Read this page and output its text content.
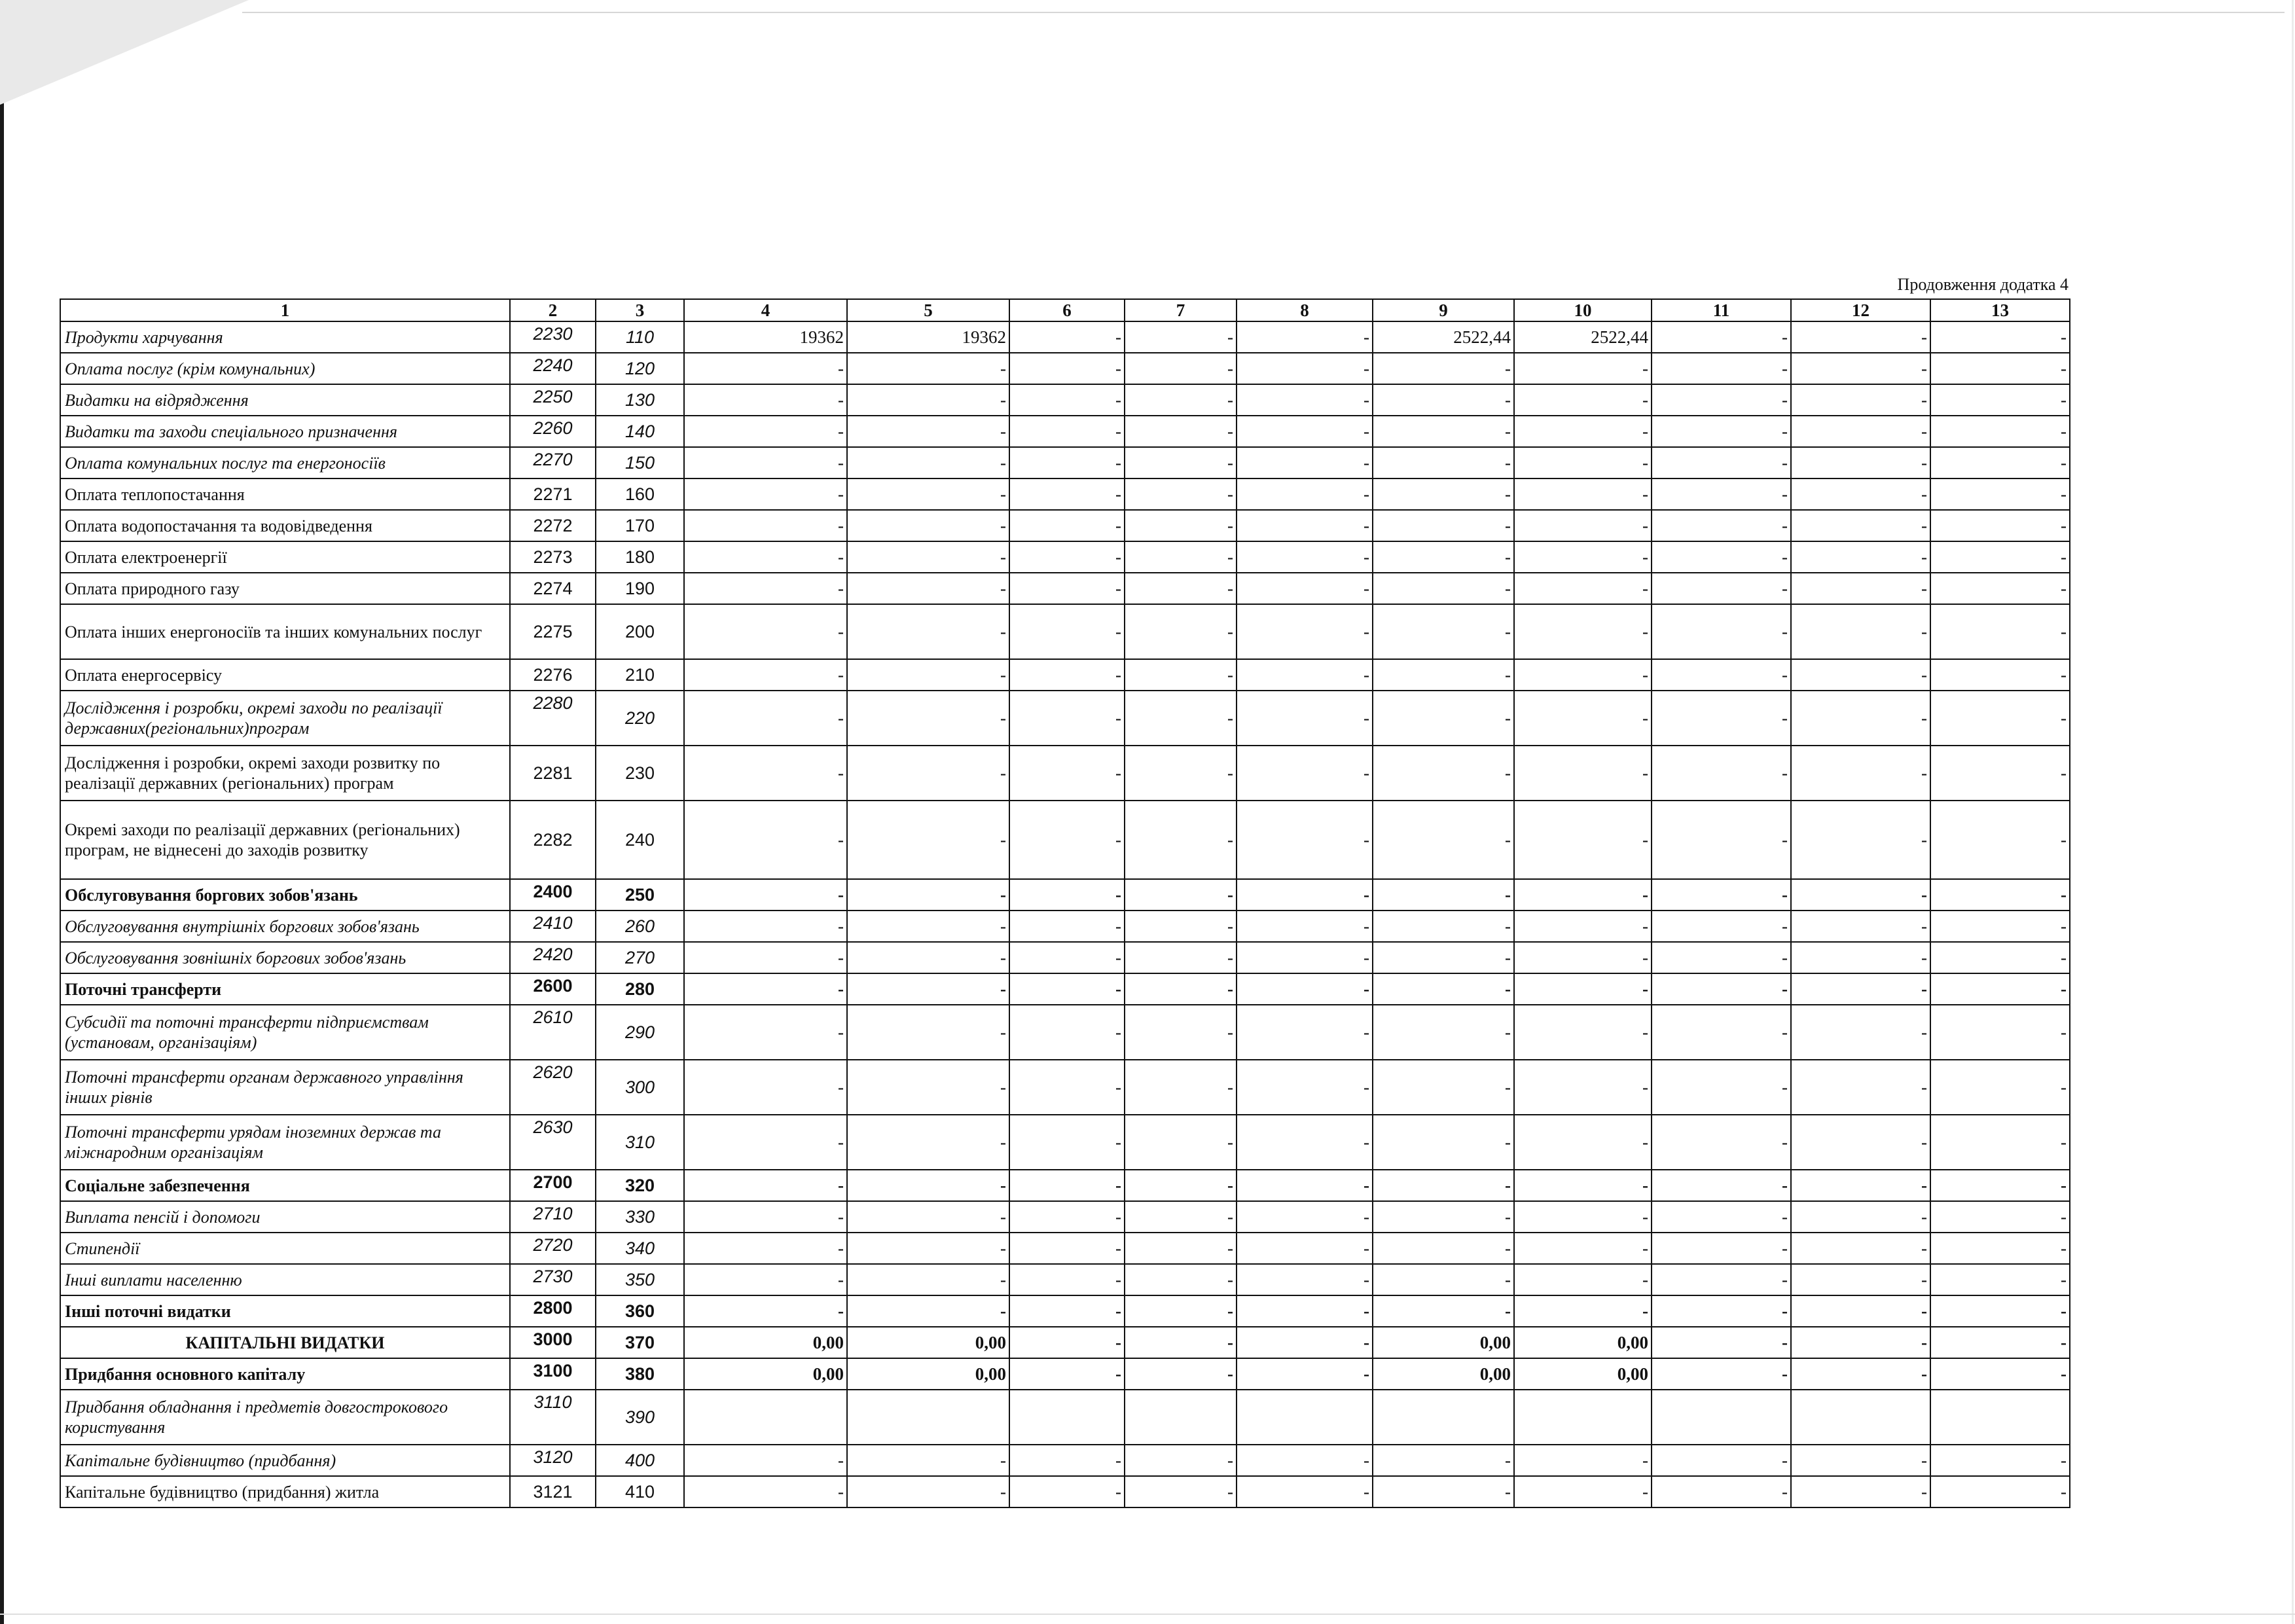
Продовження додатка 4
1	2	3	4	5	6	7	8	9	10	11	12	13
Продукти харчування	2230	110	19362	19362	-	-	-	2522,44	2522,44	-	-	-
Оплата послуг (крім комунальних)	2240	120	-	-	-	-	-	-	-	-	-	-
Видатки на відрядження	2250	130	-	-	-	-	-	-	-	-	-	-
Видатки та заходи спеціального призначення	2260	140	-	-	-	-	-	-	-	-	-	-
Оплата комунальних послуг та енергоносіїв	2270	150	-	-	-	-	-	-	-	-	-	-
Оплата теплопостачання	2271	160	-	-	-	-	-	-	-	-	-	-
Оплата водопостачання та водовідведення	2272	170	-	-	-	-	-	-	-	-	-	-
Оплата електроенергії	2273	180	-	-	-	-	-	-	-	-	-	-
Оплата природного газу	2274	190	-	-	-	-	-	-	-	-	-	-
Оплата інших енергоносіїв та інших комунальних послуг	2275	200	-	-	-	-	-	-	-	-	-	-
Оплата енергосервісу	2276	210	-	-	-	-	-	-	-	-	-	-
Дослідження і розробки, окремі заходи по реалізації державних(регіональних)програм	2280	220	-	-	-	-	-	-	-	-	-	-
Дослідження і розробки, окремі заходи розвитку по реалізації державних (регіональних) програм	2281	230	-	-	-	-	-	-	-	-	-	-
Окремі заходи по реалізації державних (регіональних) програм, не віднесені до заходів розвитку	2282	240	-	-	-	-	-	-	-	-	-	-
Обслуговування боргових зобов'язань	2400	250	-	-	-	-	-	-	-	-	-	-
Обслуговування внутрішніх боргових зобов'язань	2410	260	-	-	-	-	-	-	-	-	-	-
Обслуговування зовнішніх боргових зобов'язань	2420	270	-	-	-	-	-	-	-	-	-	-
Поточні трансферти	2600	280	-	-	-	-	-	-	-	-	-	-
Субсидії та поточні трансферти підприємствам (установам, організаціям)	2610	290	-	-	-	-	-	-	-	-	-	-
Поточні трансферти органам державного управління інших рівнів	2620	300	-	-	-	-	-	-	-	-	-	-
Поточні трансферти урядам іноземних держав та міжнародним організаціям	2630	310	-	-	-	-	-	-	-	-	-	-
Соціальне забезпечення	2700	320	-	-	-	-	-	-	-	-	-	-
Виплата пенсій і допомоги	2710	330	-	-	-	-	-	-	-	-	-	-
Стипендії	2720	340	-	-	-	-	-	-	-	-	-	-
Інші виплати населенню	2730	350	-	-	-	-	-	-	-	-	-	-
Інші поточні видатки	2800	360	-	-	-	-	-	-	-	-	-	-
КАПІТАЛЬНІ ВИДАТКИ	3000	370	0,00	0,00	-	-	-	0,00	0,00	-	-	-
Придбання основного капіталу	3100	380	0,00	0,00	-	-	-	0,00	0,00	-	-	-
Придбання обладнання і предметів довгострокового користування	3110	390										
Капітальне будівництво (придбання)	3120	400	-	-	-	-	-	-	-	-	-	-
Капітальне будівництво (придбання) житла	3121	410	-	-	-	-	-	-	-	-	-	-
